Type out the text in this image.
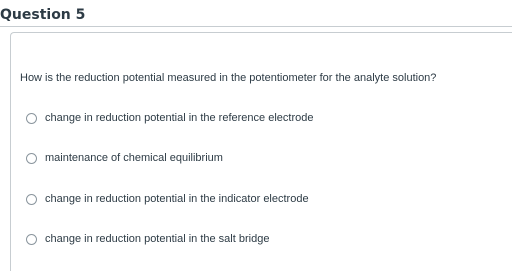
Question 5
How is the reduction potential measured in the potentiometer for the analyte solution?
change in reduction potential in the reference electrode
maintenance of chemical equilibrium
change in reduction potential in the indicator electrode
change in reduction potential in the salt bridge
